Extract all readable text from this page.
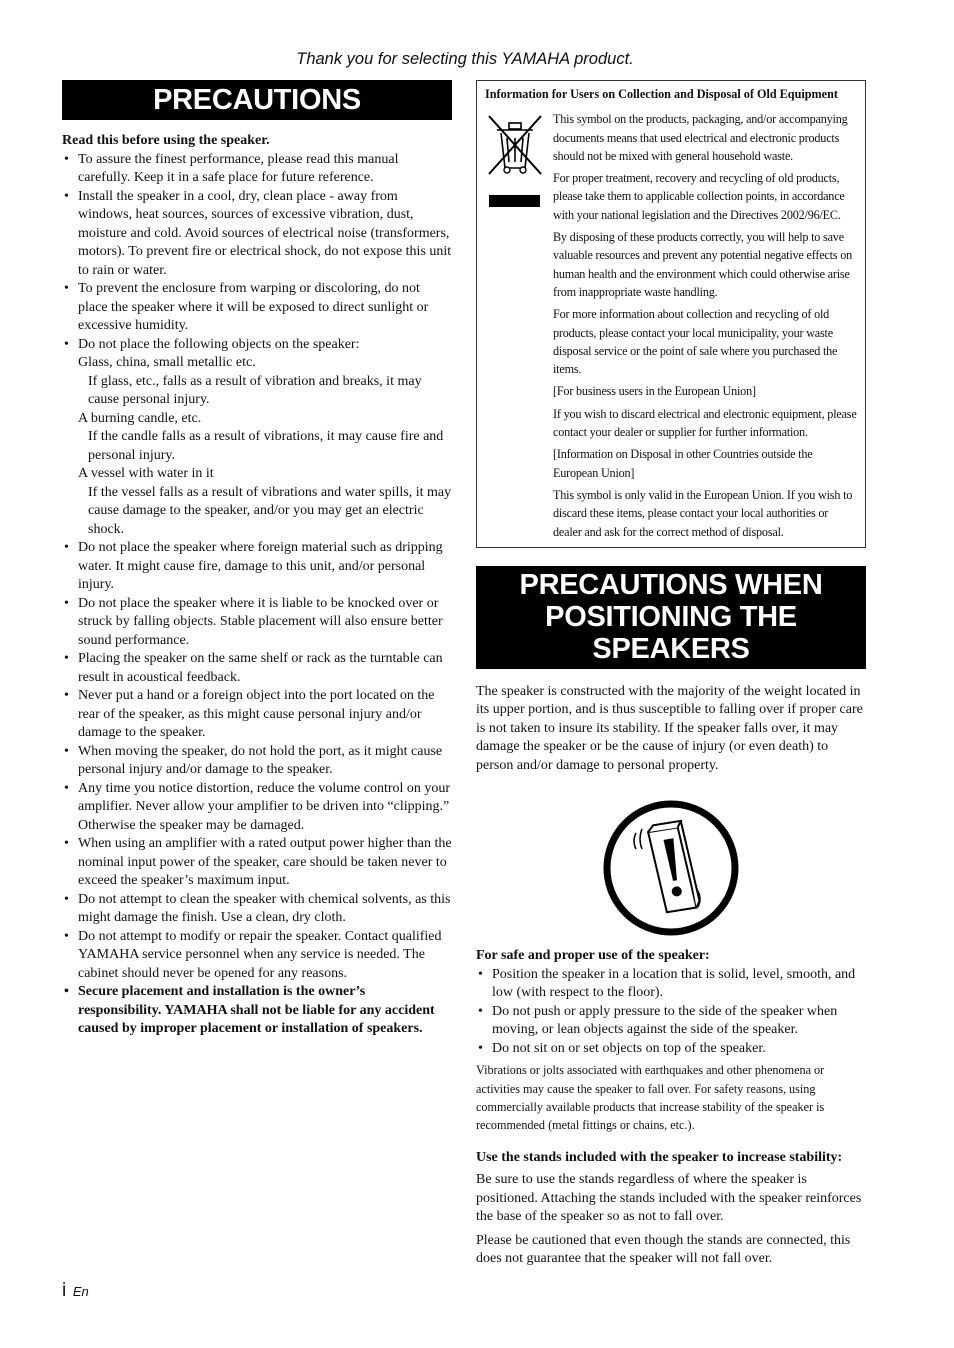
Thank you for selecting this YAMAHA product.
PRECAUTIONS
Read this before using the speaker.
• To assure the finest performance, please read this manual carefully. Keep it in a safe place for future reference.
• Install the speaker in a cool, dry, clean place - away from windows, heat sources, sources of excessive vibration, dust, moisture and cold. Avoid sources of electrical noise (transformers, motors). To prevent fire or electrical shock, do not expose this unit to rain or water.
• To prevent the enclosure from warping or discoloring, do not place the speaker where it will be exposed to direct sunlight or excessive humidity.
• Do not place the following objects on the speaker:
Glass, china, small metallic etc.
If glass, etc., falls as a result of vibration and breaks, it may cause personal injury.
A burning candle, etc.
If the candle falls as a result of vibrations, it may cause fire and personal injury.
A vessel with water in it
If the vessel falls as a result of vibrations and water spills, it may cause damage to the speaker, and/or you may get an electric shock.
• Do not place the speaker where foreign material such as dripping water. It might cause fire, damage to this unit, and/or personal injury.
• Do not place the speaker where it is liable to be knocked over or struck by falling objects. Stable placement will also ensure better sound performance.
• Placing the speaker on the same shelf or rack as the turntable can result in acoustical feedback.
• Never put a hand or a foreign object into the port located on the rear of the speaker, as this might cause personal injury and/or damage to the speaker.
• When moving the speaker, do not hold the port, as it might cause personal injury and/or damage to the speaker.
• Any time you notice distortion, reduce the volume control on your amplifier. Never allow your amplifier to be driven into “clipping.” Otherwise the speaker may be damaged.
• When using an amplifier with a rated output power higher than the nominal input power of the speaker, care should be taken never to exceed the speaker’s maximum input.
• Do not attempt to clean the speaker with chemical solvents, as this might damage the finish. Use a clean, dry cloth.
• Do not attempt to modify or repair the speaker. Contact qualified YAMAHA service personnel when any service is needed. The cabinet should never be opened for any reasons.
• Secure placement and installation is the owner’s responsibility. YAMAHA shall not be liable for any accident caused by improper placement or installation of speakers.
Information for Users on Collection and Disposal of Old Equipment

This symbol on the products, packaging, and/or accompanying documents means that used electrical and electronic products should not be mixed with general household waste.

For proper treatment, recovery and recycling of old products, please take them to applicable collection points, in accordance with your national legislation and the Directives 2002/96/EC.

By disposing of these products correctly, you will help to save valuable resources and prevent any potential negative effects on human health and the environment which could otherwise arise from inappropriate waste handling.

For more information about collection and recycling of old products, please contact your local municipality, your waste disposal service or the point of sale where you purchased the items.

[For business users in the European Union]

If you wish to discard electrical and electronic equipment, please contact your dealer or supplier for further information.

[Information on Disposal in other Countries outside the European Union]

This symbol is only valid in the European Union. If you wish to discard these items, please contact your local authorities or dealer and ask for the correct method of disposal.

PRECAUTIONS WHEN
POSITIONING THE SPEAKERS

The speaker is constructed with the majority of the weight located in its upper portion, and is thus susceptible to falling over if proper care is not taken to insure its stability. If the speaker falls over, it may damage the speaker or be the cause of injury (or even death) to person and/or damage to personal property.

For safe and proper use of the speaker:
• Position the speaker in a location that is solid, level, smooth, and low (with respect to the floor).
• Do not push or apply pressure to the side of the speaker when moving, or lean objects against the side of the speaker.
• Do not sit on or set objects on top of the speaker.

Vibrations or jolts associated with earthquakes and other phenomena or activities may cause the speaker to fall over. For safety reasons, using commercially available products that increase stability of the speaker is recommended (metal fittings or chains, etc.).

Use the stands included with the speaker to increase stability:

Be sure to use the stands regardless of where the speaker is positioned. Attaching the stands included with the speaker reinforces the base of the speaker so as not to fall over.

Please be cautioned that even though the stands are connected, this does not guarantee that the speaker will not fall over.

i En
